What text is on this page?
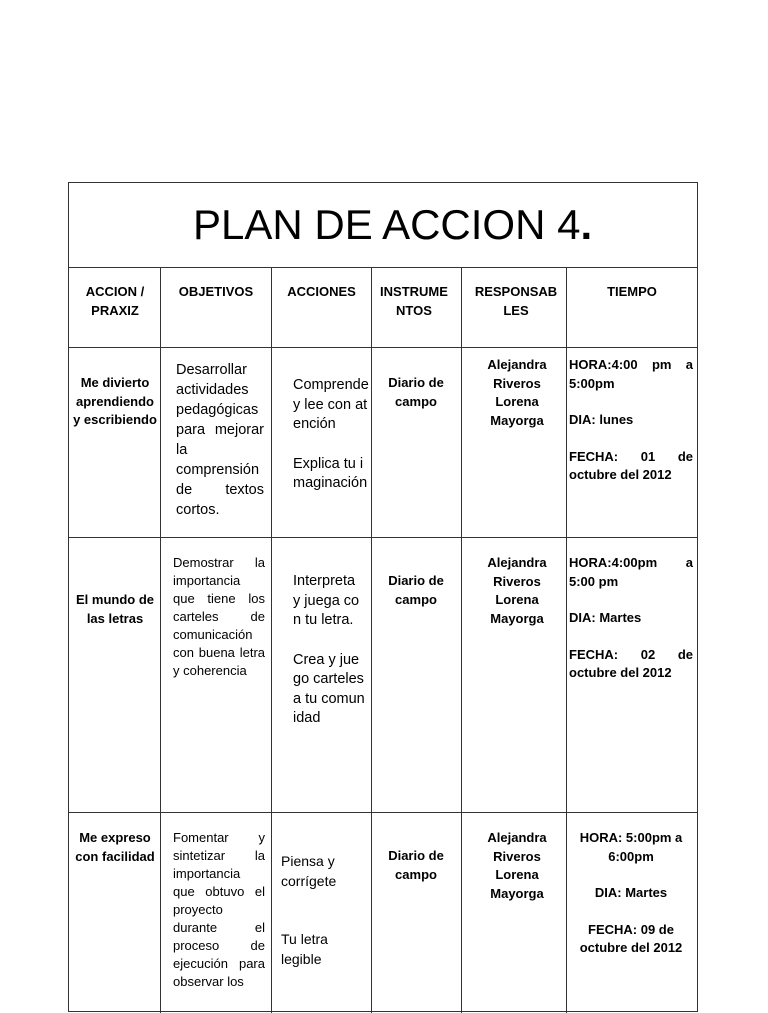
PLAN DE ACCION 4.
ACCION / PRAXIZ
OBJETIVOS	ACCIONES	INSTRUME NTOS
RESPONSAB LES
TIEMPO
Me divierto aprendiendo y escribiendo
Desarrollar actividades pedagógicas para mejorar la comprensión de textos cortos.

Comprende y lee con atención

Explica tu imaginación

Diario de campo
Alejandra Riveros Lorena Mayorga

HORA:4:00 pm a 5:00pm

DIA: lunes

FECHA: 01 de octubre del 2012

El mundo de las letras
Demostrar la importancia que tiene los carteles de comunicación con buena letra y coherencia

Interpreta y juega con tu letra.

Crea y juego carteles a tu comunidad

Diario de campo
Alejandra Riveros Lorena Mayorga

HORA:4:00pm a 5:00 pm

DIA: Martes

FECHA: 02 de octubre del 2012

Me expreso con facilidad
Fomentar y sintetizar la importancia que obtuvo el proyecto durante el proceso de ejecución para observar los

Piensa y corrígete

Tu letra legible

Diario de campo
Alejandra Riveros Lorena Mayorga

HORA: 5:00pm a 6:00pm

DIA: Martes

FECHA: 09 de octubre del 2012
